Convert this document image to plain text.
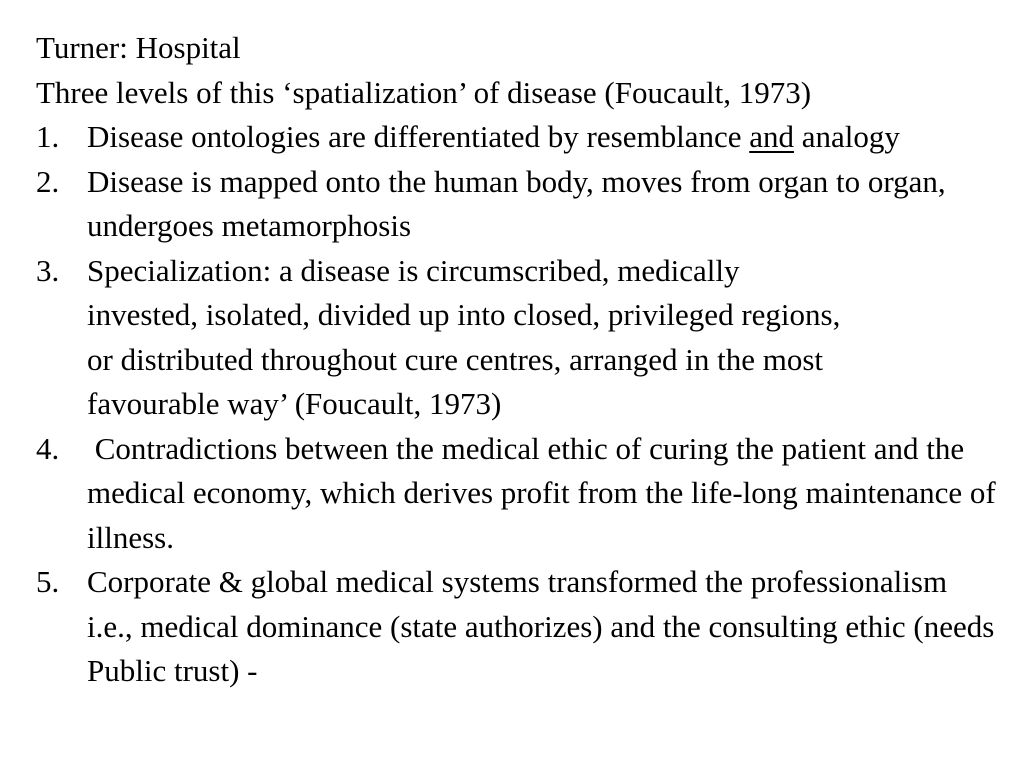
Turner: Hospital

Three levels of this ‘spatialization’ of disease (Foucault, 1973)

1. Disease ontologies are differentiated by resemblance and analogy
2. Disease is mapped onto the human body, moves from organ to organ, undergoes metamorphosis
3. Specialization: a disease is circumscribed, medically
invested, isolated, divided up into closed, privileged regions,
or distributed throughout cure centres, arranged in the most
favourable way’ (Foucault, 1973)
4. Contradictions between the medical ethic of curing the patient and the medical economy, which derives profit from the life-long maintenance of illness.
5. Corporate & global medical systems transformed the professionalism i.e., medical dominance (state authorizes) and the consulting ethic (needs Public trust) -
